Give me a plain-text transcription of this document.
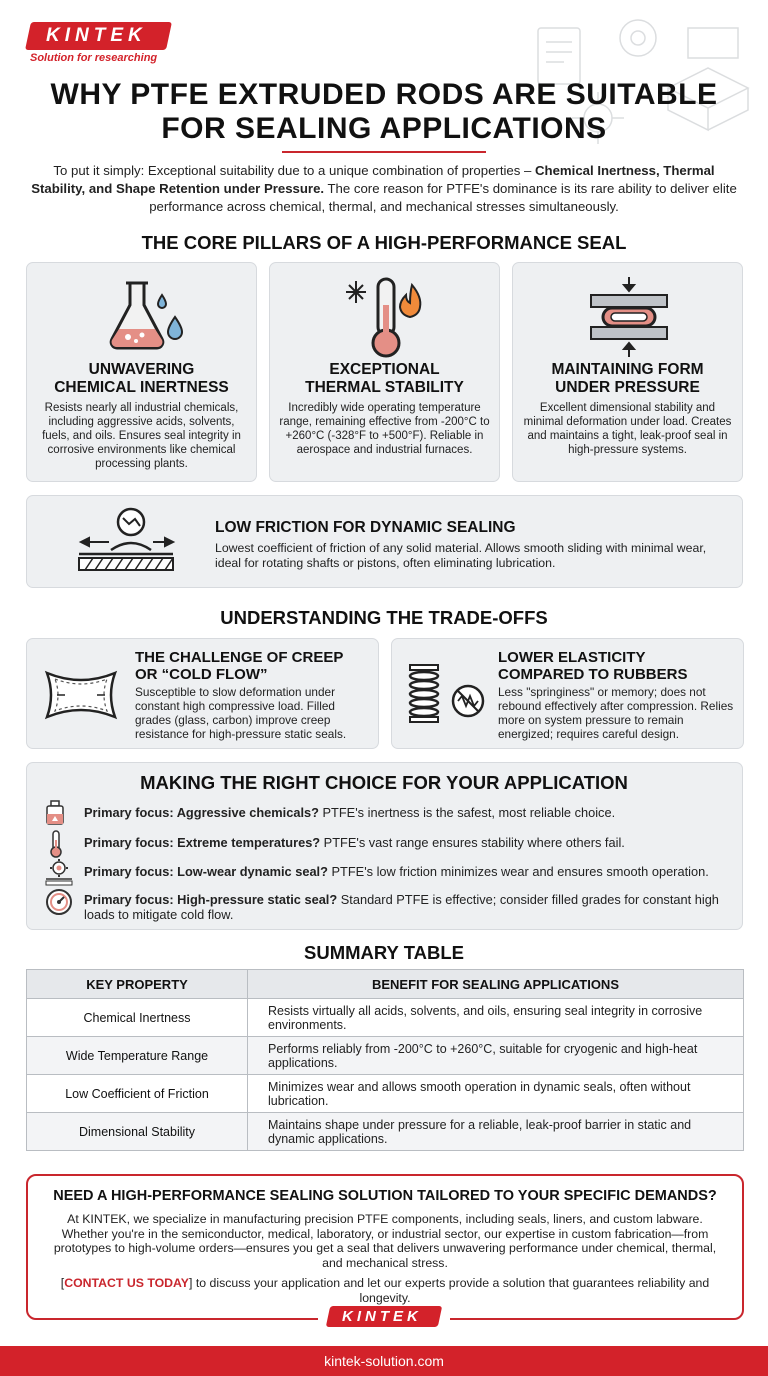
KINTEK
Solution for researching
WHY PTFE EXTRUDED RODS ARE SUITABLE
FOR SEALING APPLICATIONS
To put it simply: Exceptional suitability due to a unique combination of properties – Chemical Inertness, Thermal Stability, and Shape Retention under Pressure. The core reason for PTFE's dominance is its rare ability to deliver elite performance across chemical, thermal, and mechanical stresses simultaneously.
THE CORE PILLARS OF A HIGH-PERFORMANCE SEAL
UNWAVERING
CHEMICAL INERTNESS
Resists nearly all industrial chemicals, including aggressive acids, solvents, fuels, and oils. Ensures seal integrity in corrosive environments like chemical processing plants.
EXCEPTIONAL
THERMAL STABILITY
Incredibly wide operating temperature range, remaining effective from -200°C to +260°C (-328°F to +500°F). Reliable in aerospace and industrial furnaces.
MAINTAINING FORM
UNDER PRESSURE
Excellent dimensional stability and minimal deformation under load. Creates and maintains a tight, leak-proof seal in high-pressure systems.
LOW FRICTION FOR DYNAMIC SEALING
Lowest coefficient of friction of any solid material. Allows smooth sliding with minimal wear, ideal for rotating shafts or pistons, often eliminating lubrication.
UNDERSTANDING THE TRADE-OFFS
THE CHALLENGE OF CREEP
OR “COLD FLOW”
Susceptible to slow deformation under constant high compressive load. Filled grades (glass, carbon) improve creep resistance for high-pressure static seals.
LOWER ELASTICITY
COMPARED TO RUBBERS
Less "springiness" or memory; does not rebound effectively after compression. Relies more on system pressure to remain energized; requires careful design.
MAKING THE RIGHT CHOICE FOR YOUR APPLICATION
Primary focus: Aggressive chemicals? PTFE's inertness is the safest, most reliable choice.
Primary focus: Extreme temperatures? PTFE's vast range ensures stability where others fail.
Primary focus: Low-wear dynamic seal? PTFE's low friction minimizes wear and ensures smooth operation.
Primary focus: High-pressure static seal? Standard PTFE is effective; consider filled grades for constant high loads to mitigate cold flow.
SUMMARY TABLE
KEY PROPERTY	BENEFIT FOR SEALING APPLICATIONS
Chemical Inertness	Resists virtually all acids, solvents, and oils, ensuring seal integrity in corrosive environments.
Wide Temperature Range	Performs reliably from -200°C to +260°C, suitable for cryogenic and high-heat applications.
Low Coefficient of Friction	Minimizes wear and allows smooth operation in dynamic seals, often without lubrication.
Dimensional Stability	Maintains shape under pressure for a reliable, leak-proof barrier in static and dynamic applications.
NEED A HIGH-PERFORMANCE SEALING SOLUTION TAILORED TO YOUR SPECIFIC DEMANDS?
At KINTEK, we specialize in manufacturing precision PTFE components, including seals, liners, and custom labware. Whether you're in the semiconductor, medical, laboratory, or industrial sector, our expertise in custom fabrication—from prototypes to high-volume orders—ensures you get a seal that delivers unwavering performance under chemical, thermal, and mechanical stress.
[CONTACT US TODAY] to discuss your application and let our experts provide a solution that guarantees reliability and longevity.
KINTEK
kintek-solution.com
